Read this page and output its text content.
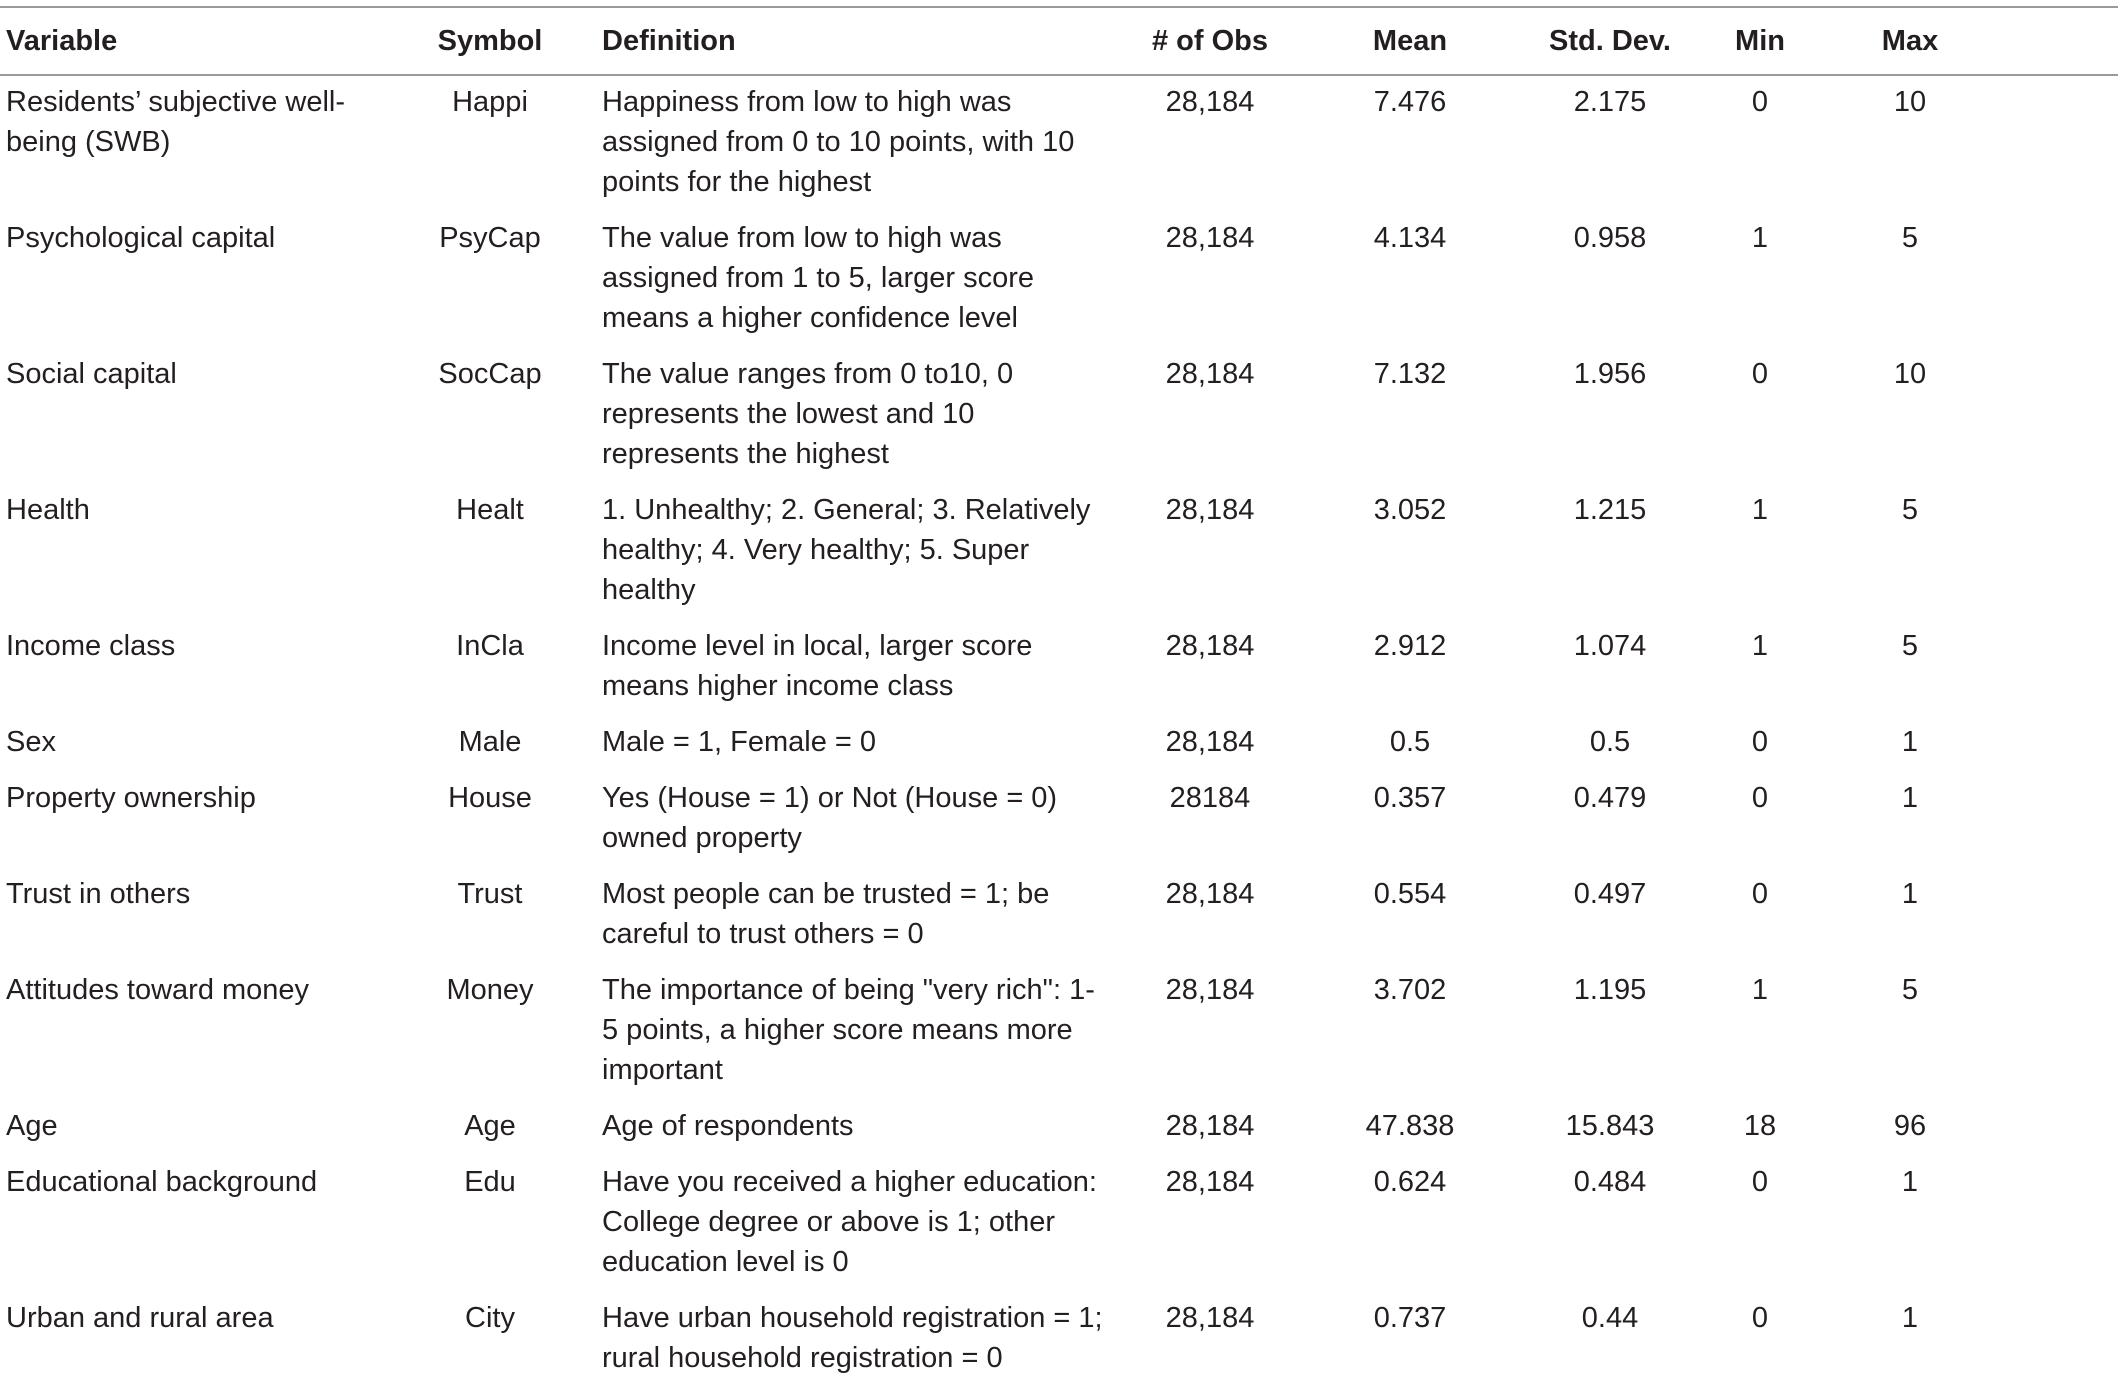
Variable	Symbol	Definition	# of Obs	Mean	Std. Dev.	Min	Max	
Residents’ subjective well-being (SWB)	Happi	Happiness from low to high was assigned from 0 to 10 points, with 10 points for the highest	28,184	7.476	2.175	0	10	
Psychological capital	PsyCap	The value from low to high was assigned from 1 to 5, larger score means a higher confidence level	28,184	4.134	0.958	1	5	
Social capital	SocCap	The value ranges from 0 to10, 0 represents the lowest and 10 represents the highest	28,184	7.132	1.956	0	10	
Health	Healt	1. Unhealthy; 2. General; 3. Relatively healthy; 4. Very healthy; 5. Super healthy	28,184	3.052	1.215	1	5	
Income class	InCla	Income level in local, larger score means higher income class	28,184	2.912	1.074	1	5	
Sex	Male	Male = 1, Female = 0	28,184	0.5	0.5	0	1	
Property ownership	House	Yes (House = 1) or Not (House = 0) owned property	28184	0.357	0.479	0	1	
Trust in others	Trust	Most people can be trusted = 1; be careful to trust others = 0	28,184	0.554	0.497	0	1	
Attitudes toward money	Money	The importance of being "very rich": 1-5 points, a higher score means more important	28,184	3.702	1.195	1	5	
Age	Age	Age of respondents	28,184	47.838	15.843	18	96	
Educational background	Edu	Have you received a higher education: College degree or above is 1; other education level is 0	28,184	0.624	0.484	0	1	
Urban and rural area	City	Have urban household registration = 1; rural household registration = 0	28,184	0.737	0.44	0	1	
